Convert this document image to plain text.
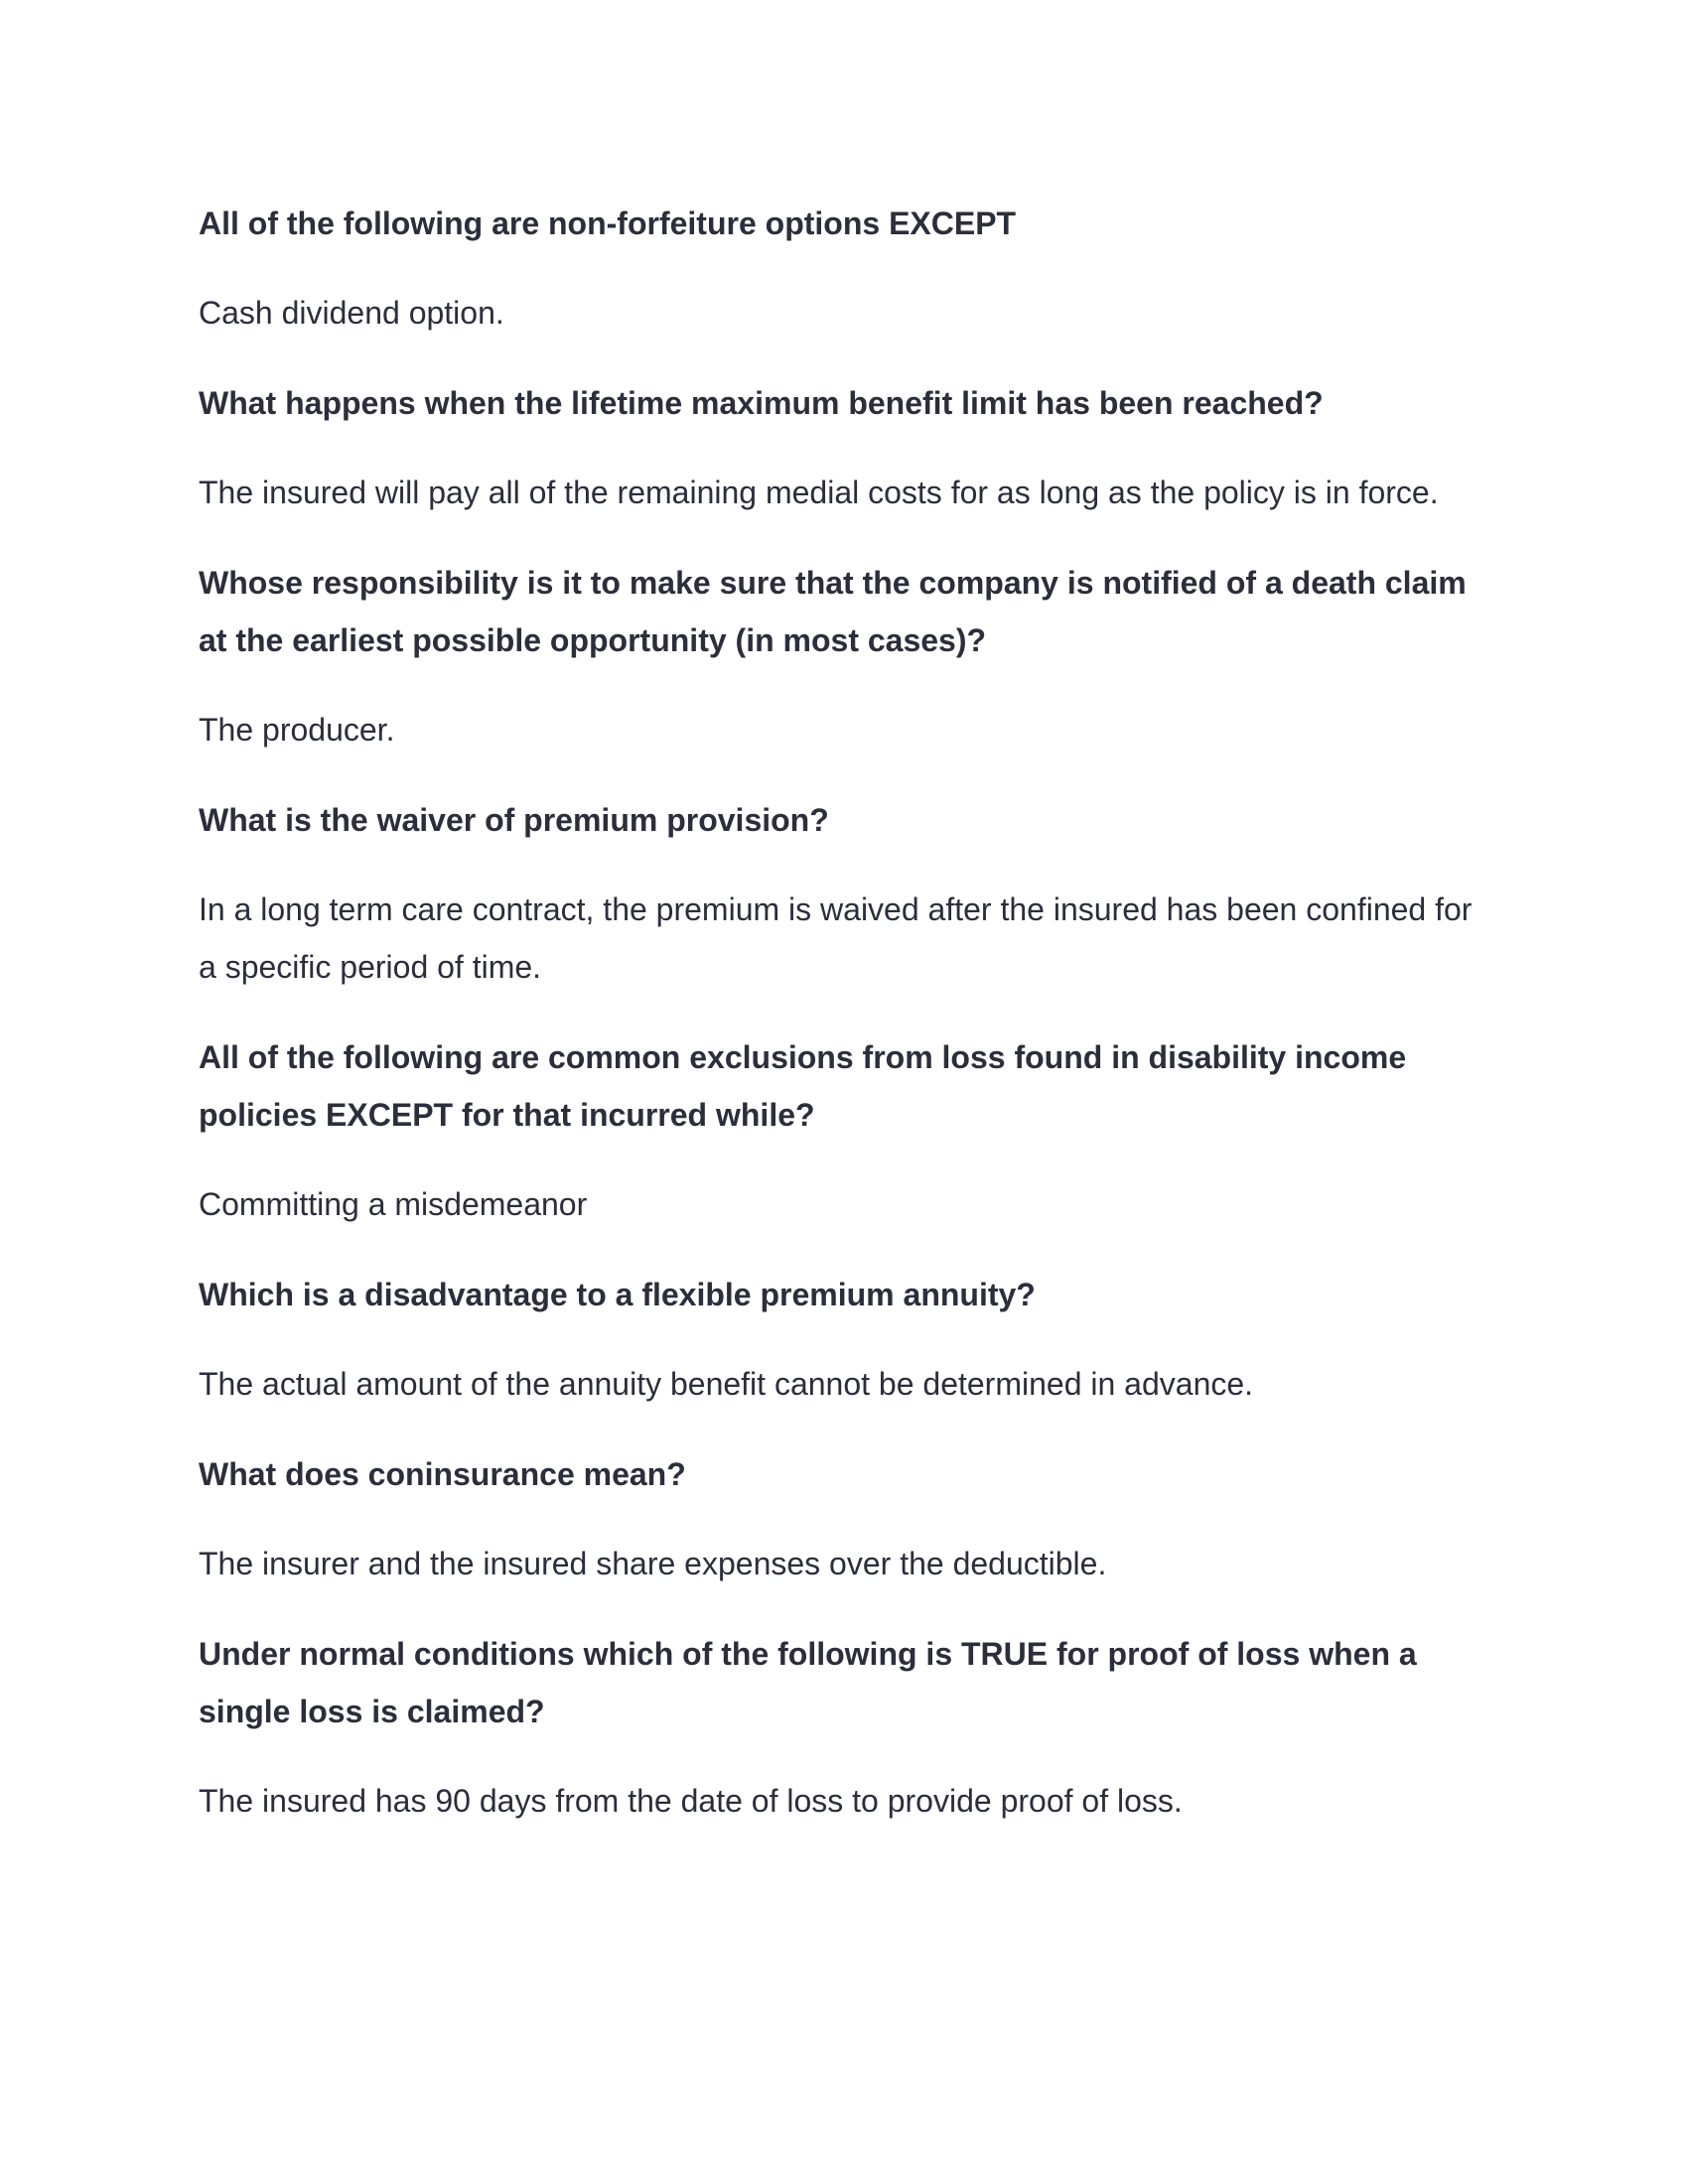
All of the following are non-forfeiture options EXCEPT

Cash dividend option.

What happens when the lifetime maximum benefit limit has been reached?

The insured will pay all of the remaining medial costs for as long as the policy is in force.

Whose responsibility is it to make sure that the company is notified of a death claim at the earliest possible opportunity (in most cases)?

The producer.

What is the waiver of premium provision?

In a long term care contract, the premium is waived after the insured has been confined for a specific period of time.

All of the following are common exclusions from loss found in disability income policies EXCEPT for that incurred while?

Committing a misdemeanor

Which is a disadvantage to a flexible premium annuity?

The actual amount of the annuity benefit cannot be determined in advance.

What does coninsurance mean?

The insurer and the insured share expenses over the deductible.

Under normal conditions which of the following is TRUE for proof of loss when a single loss is claimed?

The insured has 90 days from the date of loss to provide proof of loss.
